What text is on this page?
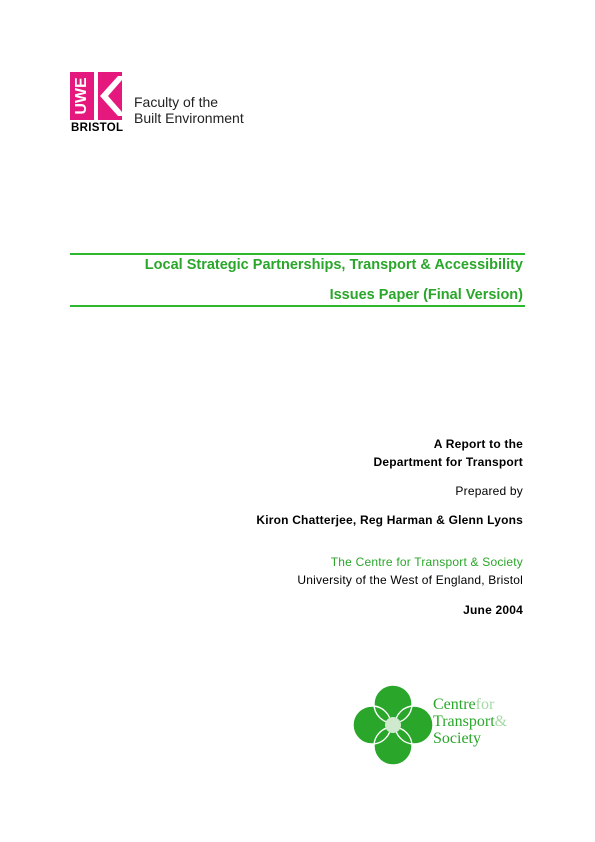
UWE
BRISTOL
Faculty of the
Built Environment
Local Strategic Partnerships, Transport & Accessibility
Issues Paper (Final Version)
A Report to the
Department for Transport
Prepared by
Kiron Chatterjee, Reg Harman & Glenn Lyons
The Centre for Transport & Society
University of the West of England, Bristol
June 2004
Centrefor
Transport&
Society
